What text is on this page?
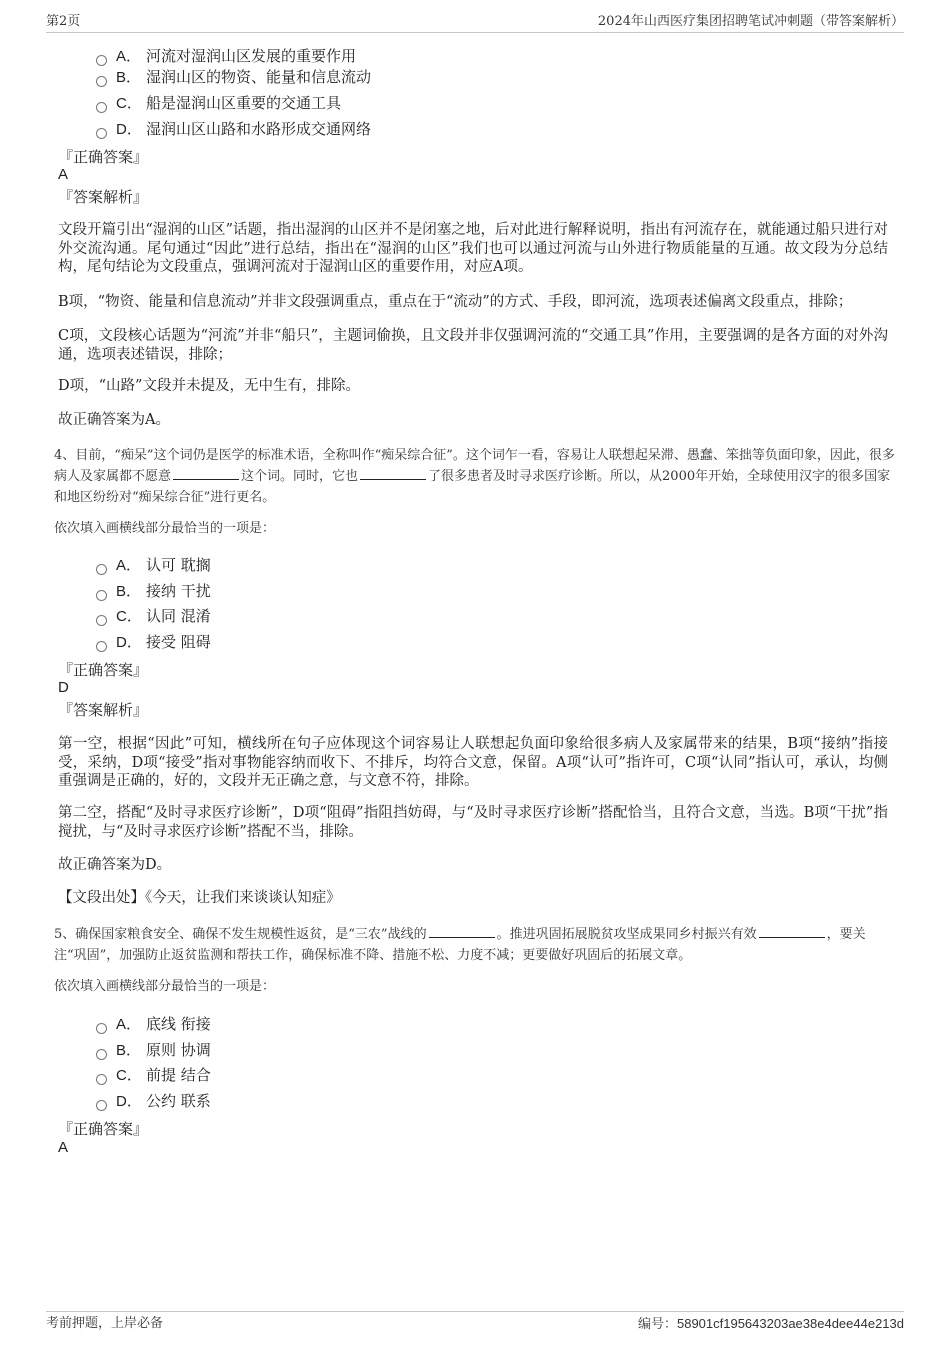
第2页	2024年山西医疗集团招聘笔试冲刺题（带答案解析）
A． 河流对湿润山区发展的重要作用
B． 湿润山区的物资、能量和信息流动
C． 船是湿润山区重要的交通工具
D． 湿润山区山路和水路形成交通网络
『正确答案』
A
『答案解析』
文段开篇引出“湿润的山区”话题，指出湿润的山区并不是闭塞之地，后对此进行解释说明，指出有河流存在，就能通过船只进行对外交流沟通。尾句通过“因此”进行总结，指出在“湿润的山区”我们也可以通过河流与山外进行物质能量的互通。故文段为分总结构，尾句结论为文段重点，强调河流对于湿润山区的重要作用，对应A项。
B项，“物资、能量和信息流动”并非文段强调重点，重点在于“流动”的方式、手段，即河流，选项表述偏离文段重点，排除；
C项，文段核心话题为“河流”并非“船只”，主题词偷换，且文段并非仅强调河流的“交通工具”作用，主要强调的是各方面的对外沟通，选项表述错误，排除；
D项，“山路”文段并未提及，无中生有，排除。
故正确答案为A。
4、目前，“痴呆”这个词仍是医学的标准术语，全称叫作“痴呆综合征”。这个词乍一看，容易让人联想起呆滞、愚蠢、笨拙等负面印象，因此，很多病人及家属都不愿意	这个词。同时，它也	了很多患者及时寻求医疗诊断。所以，从2000年开始，全球使用汉字的很多国家和地区纷纷对“痴呆综合征”进行更名。
依次填入画横线部分最恰当的一项是：
A． 认可 耽搁
B． 接纳 干扰
C． 认同 混淆
D． 接受 阻碍
『正确答案』
D
『答案解析』
第一空，根据“因此”可知，横线所在句子应体现这个词容易让人联想起负面印象给很多病人及家属带来的结果，B项“接纳”指接受，采纳，D项“接受”指对事物能容纳而收下、不排斥，均符合文意，保留。A项“认可”指许可，C项“认同”指认可，承认，均侧重强调是正确的，好的，文段并无正确之意，与文意不符，排除。
第二空，搭配“及时寻求医疗诊断”，D项“阻碍”指阻挡妨碍，与“及时寻求医疗诊断”搭配恰当，且符合文意，当选。B项“干扰”指搅扰，与“及时寻求医疗诊断”搭配不当，排除。
故正确答案为D。
【文段出处】《今天，让我们来谈谈认知症》
5、确保国家粮食安全、确保不发生规模性返贫，是“三农”战线的	。推进巩固拓展脱贫攻坚成果同乡村振兴有效	，要关注“巩固”，加强防止返贫监测和帮扶工作，确保标准不降、措施不松、力度不减；更要做好巩固后的拓展文章。
依次填入画横线部分最恰当的一项是：
A． 底线 衔接
B． 原则 协调
C． 前提 结合
D． 公约 联系
『正确答案』
A
考前押题，上岸必备	编号：58901cf195643203ae38e4dee44e213d
